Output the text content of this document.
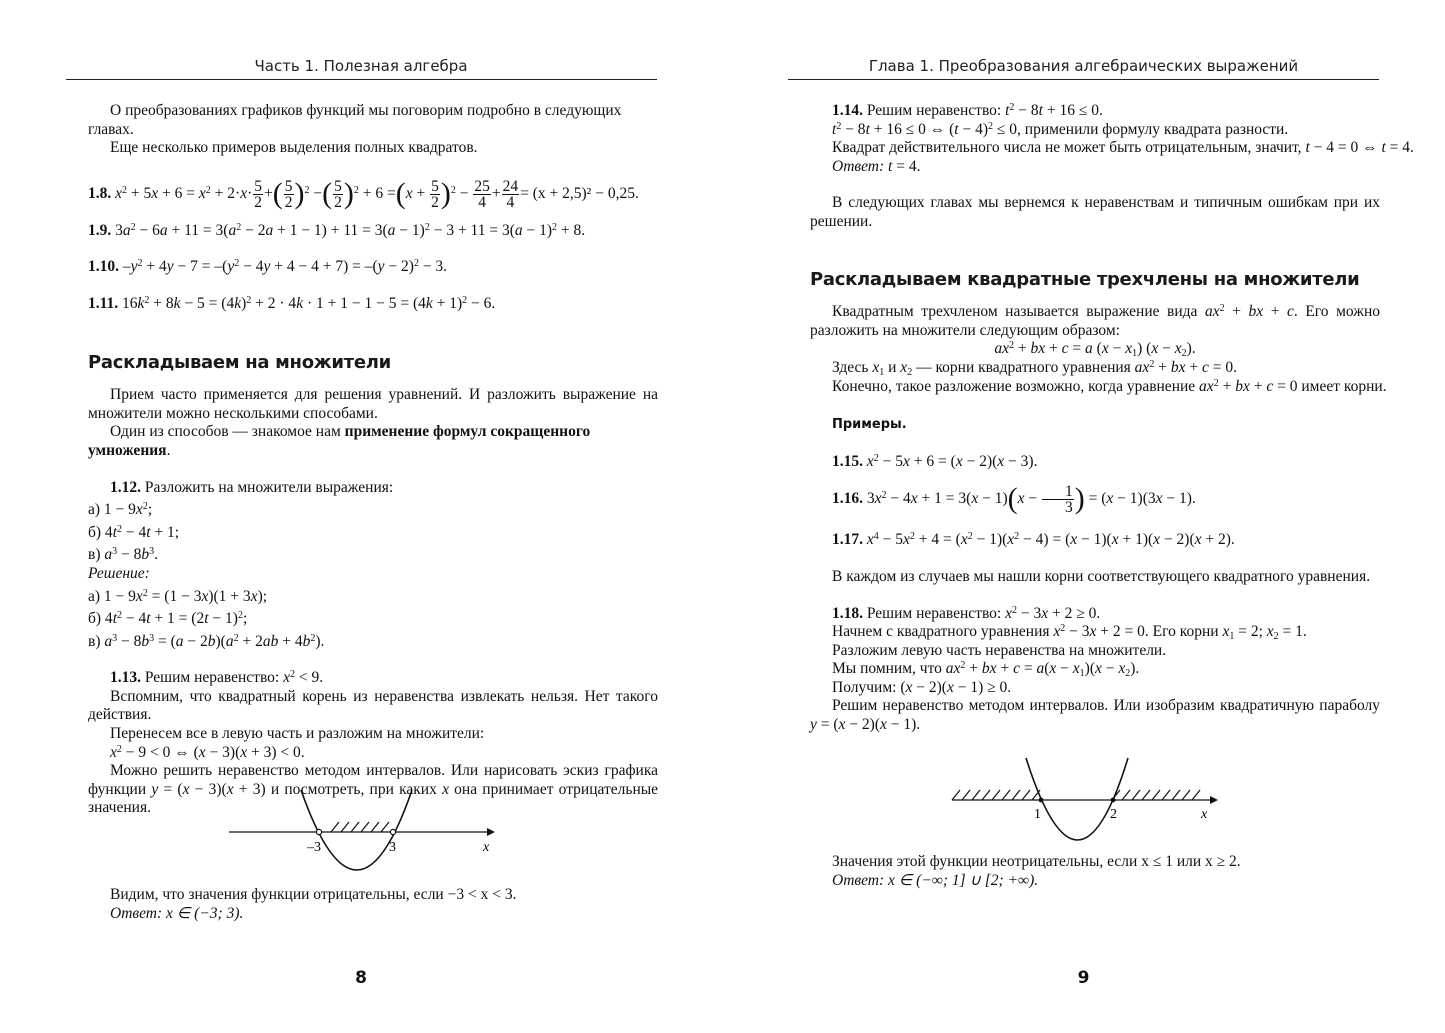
Часть 1. Полезная алгебра
О преобразованиях графиков функций мы поговорим подробно в следующих главах.
Еще несколько примеров выделения полных квадратов.
1.8. $x^2 + 5x + 6 = x^2 + 2\cdot x\cdot \frac{5}{2}$ +( $\frac{5}{2} )^2$ −( $\frac{5}{2} )^2 + 6 =(x + \frac{5}{2} )^2 - \frac{25}{4} + \frac{24}{4} = (x + 2,5)^2 - 0,25$.
1.9. $3a^2 - 6a + 11 = 3(a^2 - 2a + 1 - 1) + 11 = 3(a - 1)^2 - 3 + 11 = 3(a - 1)^2 + 8$.
1.10. $-y^2 + 4y - 7 = -(y^2 - 4y + 4 - 4 + 7) = -(y - 2)^2 - 3$.
1.11. $16k^2 + 8k - 5 = (4k)^2 + 2 \cdot 4k \cdot 1 + 1 - 1 - 5 = (4k + 1)^2 - 6$.
Раскладываем на множители
Прием часто применяется для решения уравнений. И разложить выражение на множители можно несколькими способами.
Один из способов — знакомое нам применение формул сокращенного умножения.
1.12. Разложить на множители выражения:
а) $1 - 9x^2$;
б) $4t^2 - 4t + 1$;
в) $a^3 - 8b^3$.
Решение:
а) $1 - 9x^2 = (1 - 3x)(1 + 3x)$;
б) $4t^2 - 4t + 1 = (2t - 1)^2$;
в) $a^3 - 8b^3 = (a - 2b)(a^2 + 2ab + 4b^2)$.
1.13. Решим неравенство: $x^2 < 9$.
Вспомним, что квадратный корень из неравенства извлекать нельзя. Нет такого действия.
Перенесем все в левую часть и разложим на множители:
$x^2 - 9 < 0$ ⇔ (x − 3)(x + 3) < 0.
Можно решить неравенство методом интервалов. Или нарисовать эскиз графика функции y = (x − 3)(x + 3) и посмотреть, при каких x она принимает отрицательные значения.
–3	3	x
Видим, что значения функции отрицательны, если −3 < x < 3.
Ответ: x ∈ (−3; 3).
8
Глава 1. Преобразования алгебраических выражений
1.14. Решим неравенство: $t^2 - 8t + 16 \le 0$.
$t^2 - 8t + 16 \le 0$ ⇔ $(t - 4)^2 \le 0$, применили формулу квадрата разности.
Квадрат действительного числа не может быть отрицательным, значит, t − 4 = 0 ⇔ t = 4.
Ответ: t = 4.
В следующих главах мы вернемся к неравенствам и типичным ошибкам при их решении.
Раскладываем квадратные трехчлены на множители
Квадратным трехчленом называется выражение вида $ax^2$ + bx + c. Его можно разложить на множители следующим образом:
$ax^2$ + bx + c = a $(x - x_1)$ $(x - x_2)$.
Здесь $x_1$ и $x_2$ — корни квадратного уравнения $ax^2$ + bx + c = 0.
Конечно, такое разложение возможно, когда уравнение $ax^2$ + bx + c = 0 имеет корни.
Примеры.
1.15. $x^2 - 5x + 6 = (x - 2)(x - 3)$.
1.16. $3x^2 - 4x + 1 = 3(x - 1)(x - \frac{1}{3}$ ) = (x − 1)(3x − 1).
1.17. $x^4 - 5x^2 + 4 = (x^2 - 1)(x^2 - 4) = (x - 1)(x + 1)(x - 2)(x + 2)$.
В каждом из случаев мы нашли корни соответствующего квадратного уравнения.
1.18. Решим неравенство: $x^2 - 3x + 2 \ge 0$.
Начнем с квадратного уравнения $x^2 - 3x + 2 = 0$. Его корни $x_1 = 2$; $x_2 = 1$.
Разложим левую часть неравенства на множители.
Мы помним, что $ax^2$ + bx + $c = a(x - x_1)(x - x_2)$.
Получим: (x − 2)(x − 1) ≥ 0.
Решим неравенство методом интервалов. Или изобразим квадратичную параболу y = (x − 2)(x − 1).
1	2	x
Значения этой функции неотрицательны, если x ≤ 1 или x ≥ 2.
Ответ: x ∈ (−∞; 1] ∪ [2; +∞).
9
